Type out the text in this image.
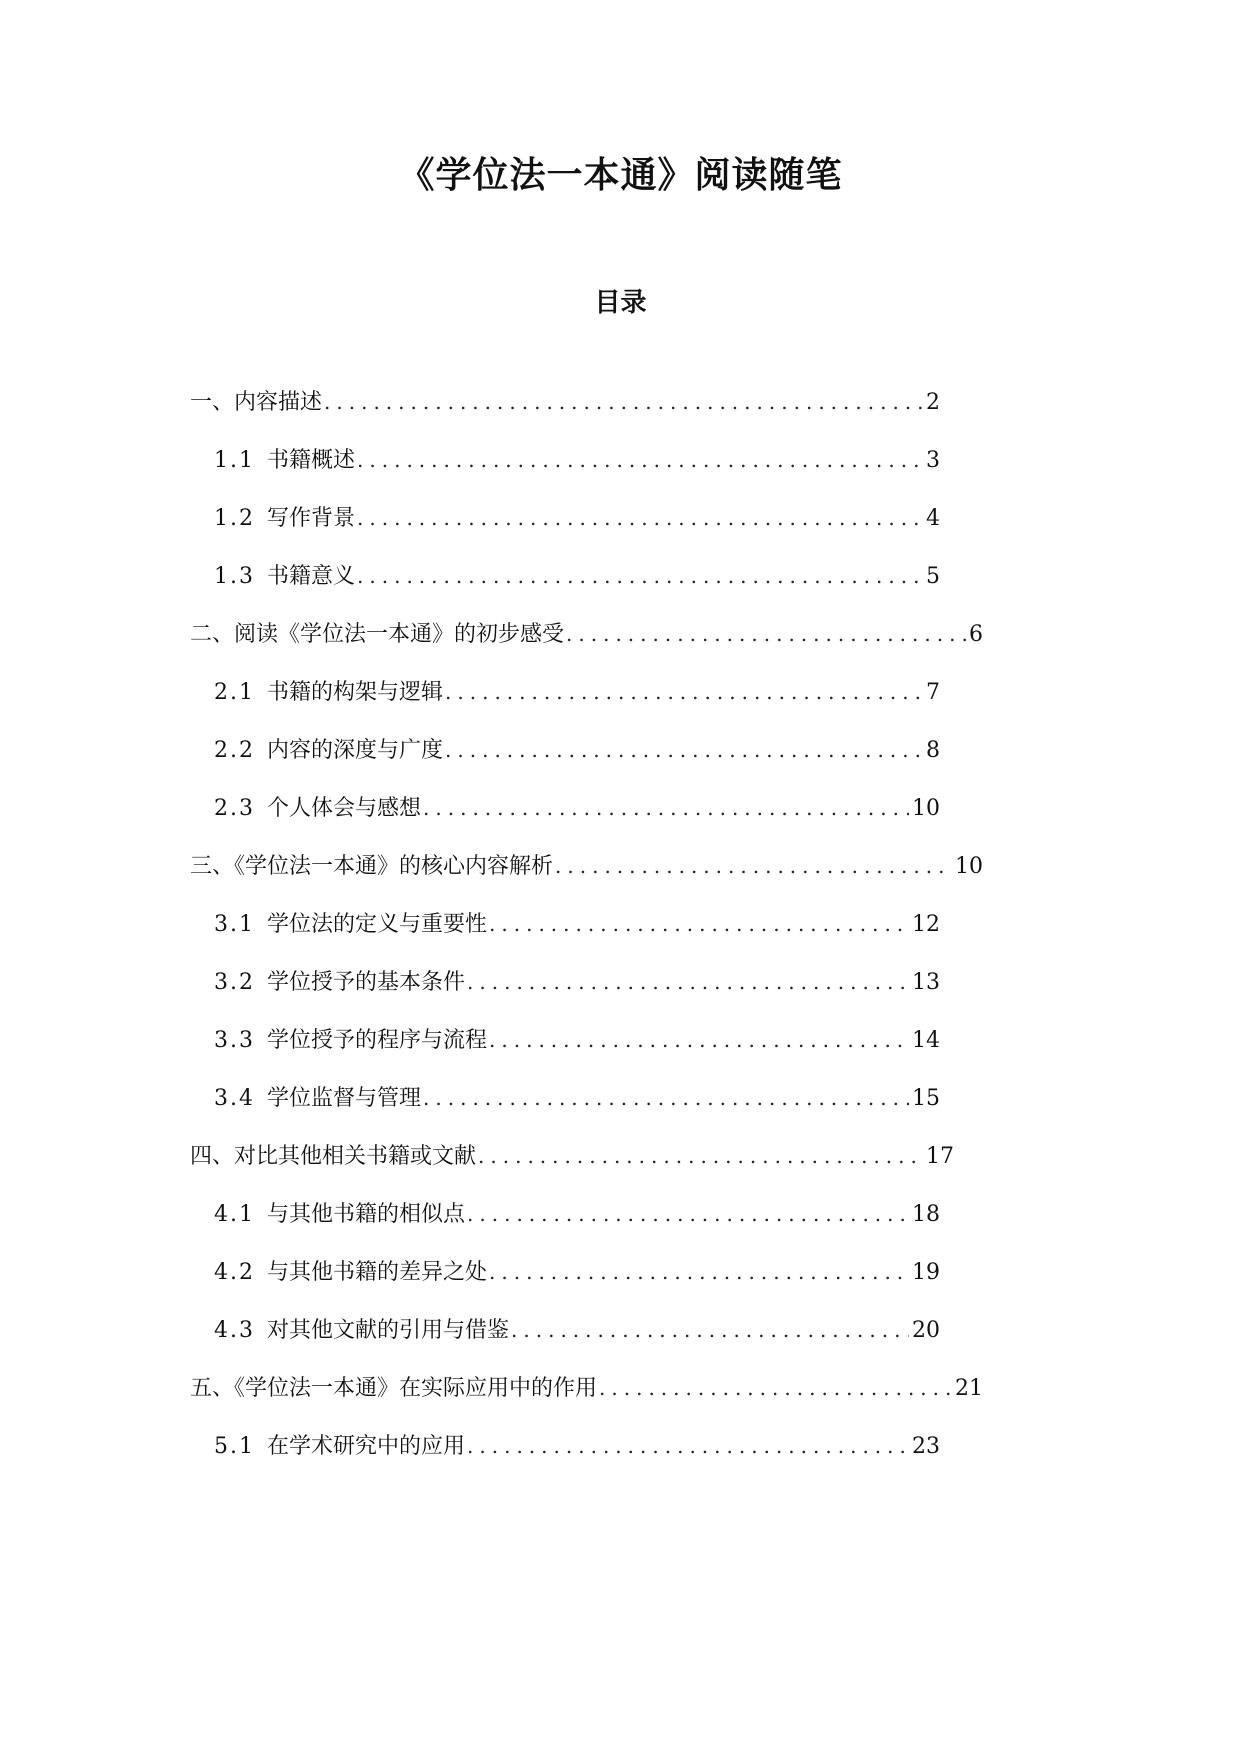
《学位法一本通》阅读随笔
目录
一、内容描述 .....	2
1.1 书籍概述 .....	3
1.2 写作背景 .....	4
1.3 书籍意义 .....	5
二、阅读《学位法一本通》的初步感受 .....	6
2.1 书籍的构架与逻辑 .....	7
2.2 内容的深度与广度 .....	8
2.3 个人体会与感想 .....	10
三、《学位法一本通》的核心内容解析 .....	10
3.1 学位法的定义与重要性 .....	12
3.2 学位授予的基本条件 .....	13
3.3 学位授予的程序与流程 .....	14
3.4 学位监督与管理 .....	15
四、对比其他相关书籍或文献 .....	17
4.1 与其他书籍的相似点 .....	18
4.2 与其他书籍的差异之处 .....	19
4.3 对其他文献的引用与借鉴 .....	20
五、《学位法一本通》在实际应用中的作用 .....	21
5.1 在学术研究中的应用 .....	23
